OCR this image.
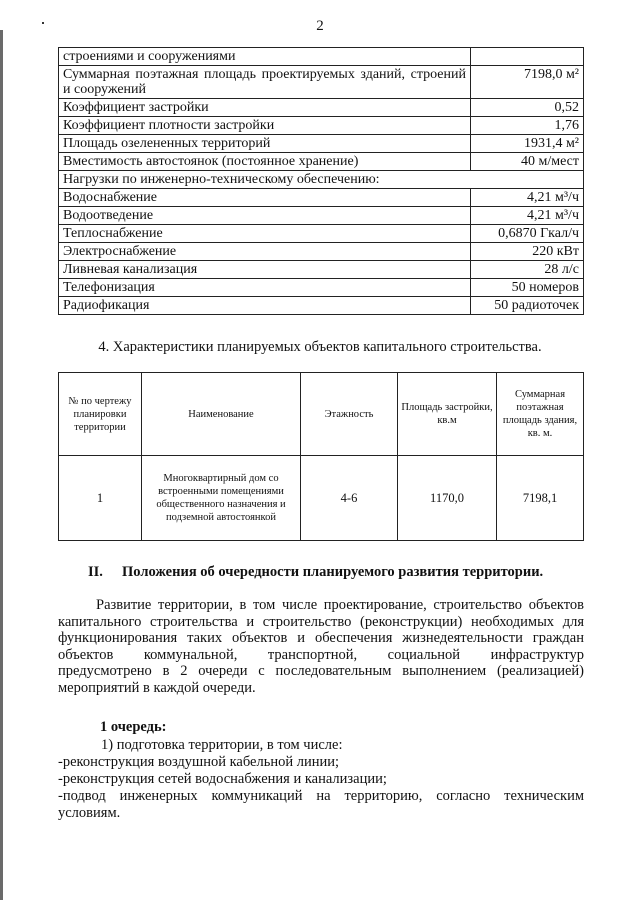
2
строениями и сооружениями	
Суммарная поэтажная площадь проектируемых зданий, строений и сооружений	7198,0 м²
Коэффициент застройки	0,52
Коэффициент плотности застройки	1,76
Площадь озелененных территорий	1931,4 м²
Вместимость автостоянок (постоянное хранение)	40 м/мест
Нагрузки по инженерно-техническому обеспечению:	
Водоснабжение	4,21 м³/ч
Водоотведение	4,21 м³/ч
Теплоснабжение	0,6870 Гкал/ч
Электроснабжение	220 кВт
Ливневая канализация	28 л/с
Телефонизация	50 номеров
Радиофикация	50 радиоточек
4. Характеристики планируемых объектов капитального строительства.
№ по чертежу планировки территории	Наименование	Этажность	Площадь застройки, кв.м	Суммарная поэтажная площадь здания, кв. м.
1	Многоквартирный дом со встроенными помещениями общественного назначения и подземной автостоянкой	4-6	1170,0	7198,1
II. Положения об очередности планируемого развития территории.
Развитие территории, в том числе проектирование, строительство объектов
капитального строительства и строительство (реконструкции) необходимых для
функционирования таких объектов и обеспечения жизнедеятельности граждан
объектов коммунальной, транспортной, социальной инфраструктур
предусмотрено в 2 очереди с последовательным выполнением (реализацией)
мероприятий в каждой очереди.
1 очередь:
1) подготовка территории, в том числе:
-реконструкция воздушной кабельной линии;
-реконструкция сетей водоснабжения и канализации;
-подвод инженерных коммуникаций на территорию, согласно техническим
условиям.
